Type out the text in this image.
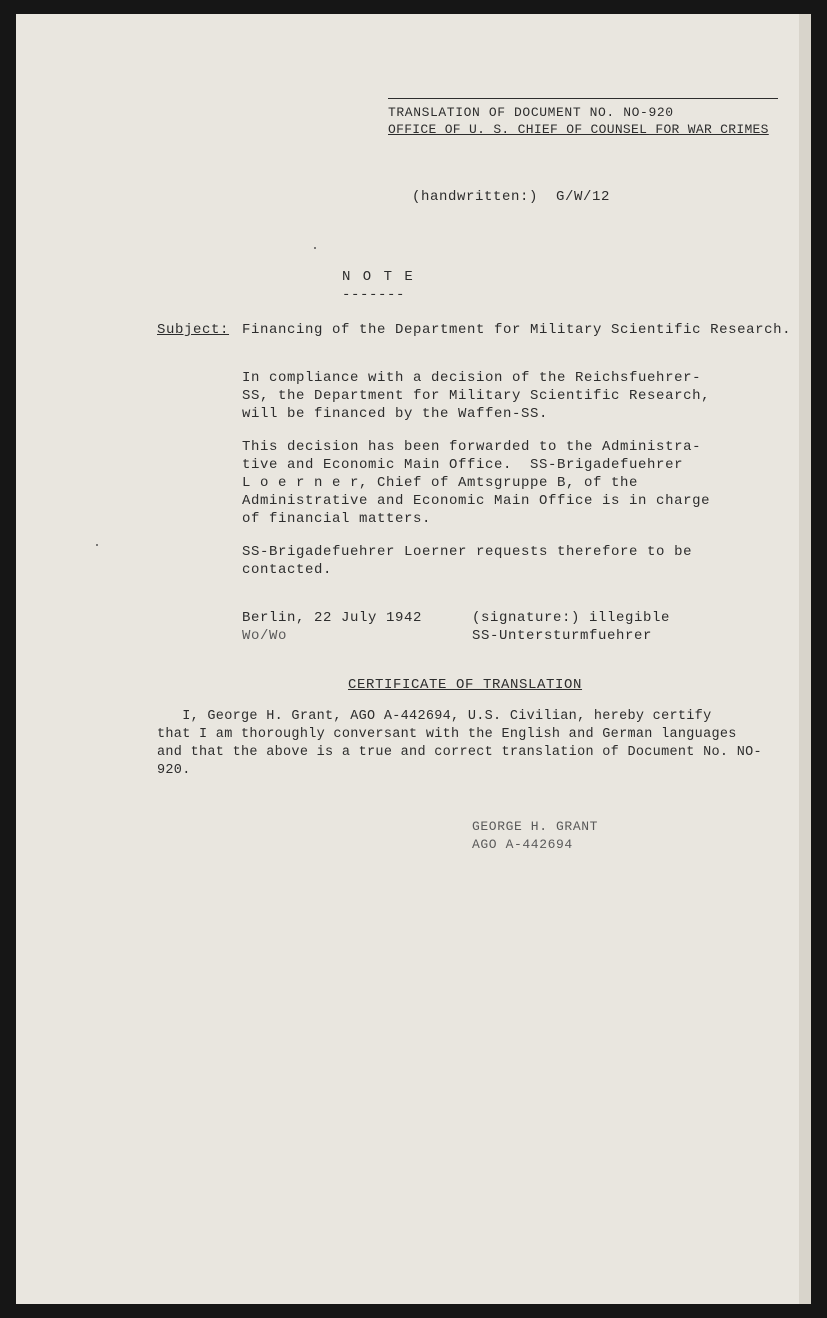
TRANSLATION OF DOCUMENT NO. NO-920
OFFICE OF U. S. CHIEF OF COUNSEL FOR WAR CRIMES
(handwritten:)  G/W/12
N O T E
-------
Subject: Financing of the Department for Military Scientific Research.
In compliance with a decision of the Reichsfuehrer-
SS, the Department for Military Scientific Research,
will be financed by the Waffen-SS.
This decision has been forwarded to the Administra-
tive and Economic Main Office.  SS-Brigadefuehrer
L o e r n e r, Chief of Amtsgruppe B, of the
Administrative and Economic Main Office is in charge
of financial matters.
SS-Brigadefuehrer Loerner requests therefore to be
contacted.
Berlin, 22 July 1942
Wo/Wo
(signature:) illegible
SS-Untersturmfuehrer
CERTIFICATE OF TRANSLATION
I, George H. Grant, AGO A-442694, U.S. Civilian, hereby certify
that I am thoroughly conversant with the English and German languages
and that the above is a true and correct translation of Document No. NO-
920.
GEORGE H. GRANT
AGO A-442694
